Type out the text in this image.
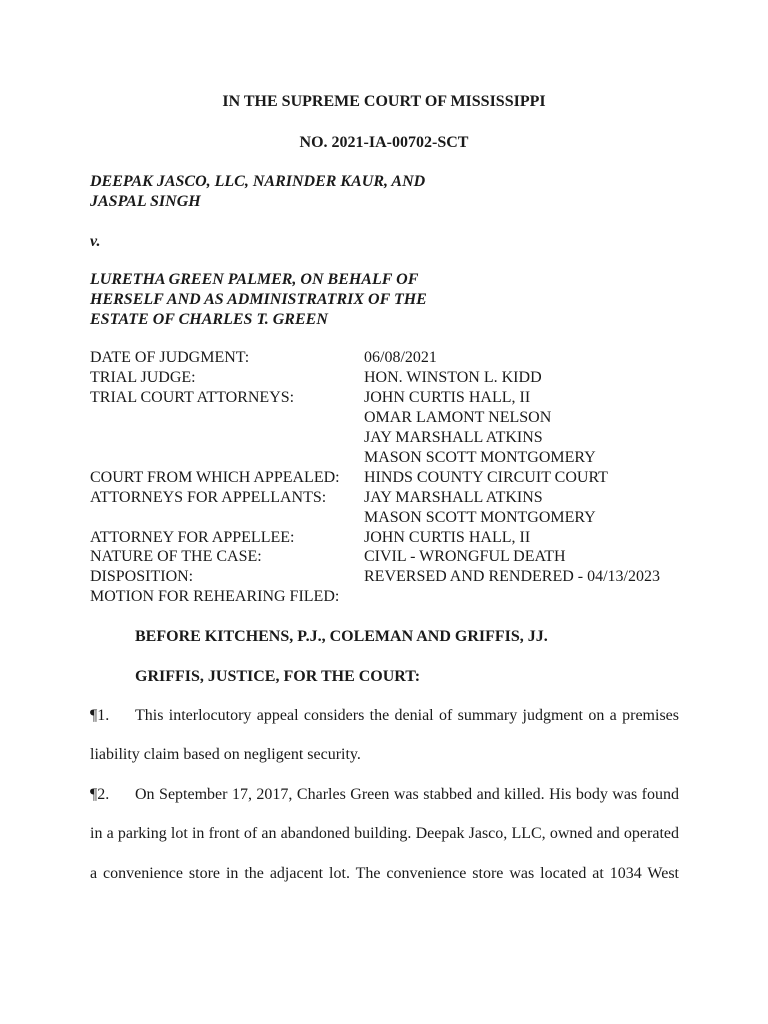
IN THE SUPREME COURT OF MISSISSIPPI
NO. 2021-IA-00702-SCT
DEEPAK JASCO, LLC, NARINDER KAUR, AND
JASPAL SINGH
v.
LURETHA GREEN PALMER, ON BEHALF OF
HERSELF AND AS ADMINISTRATRIX OF THE
ESTATE OF CHARLES T. GREEN
DATE OF JUDGMENT:	06/08/2021
TRIAL JUDGE:	HON. WINSTON L. KIDD
TRIAL COURT ATTORNEYS:	JOHN CURTIS HALL, II
OMAR LAMONT NELSON
JAY MARSHALL ATKINS
MASON SCOTT MONTGOMERY
COURT FROM WHICH APPEALED: HINDS COUNTY CIRCUIT COURT
ATTORNEYS FOR APPELLANTS: JAY MARSHALL ATKINS
MASON SCOTT MONTGOMERY
ATTORNEY FOR APPELLEE:	JOHN CURTIS HALL, II
NATURE OF THE CASE:	CIVIL - WRONGFUL DEATH
DISPOSITION:	REVERSED AND RENDERED - 04/13/2023
MOTION FOR REHEARING FILED:
BEFORE KITCHENS, P.J., COLEMAN AND GRIFFIS, JJ.
GRIFFIS, JUSTICE, FOR THE COURT:
¶1. This interlocutory appeal considers the denial of summary judgment on a premises
liability claim based on negligent security.
¶2. On September 17, 2017, Charles Green was stabbed and killed. His body was found
in a parking lot in front of an abandoned building. Deepak Jasco, LLC, owned and operated
a convenience store in the adjacent lot. The convenience store was located at 1034 West
